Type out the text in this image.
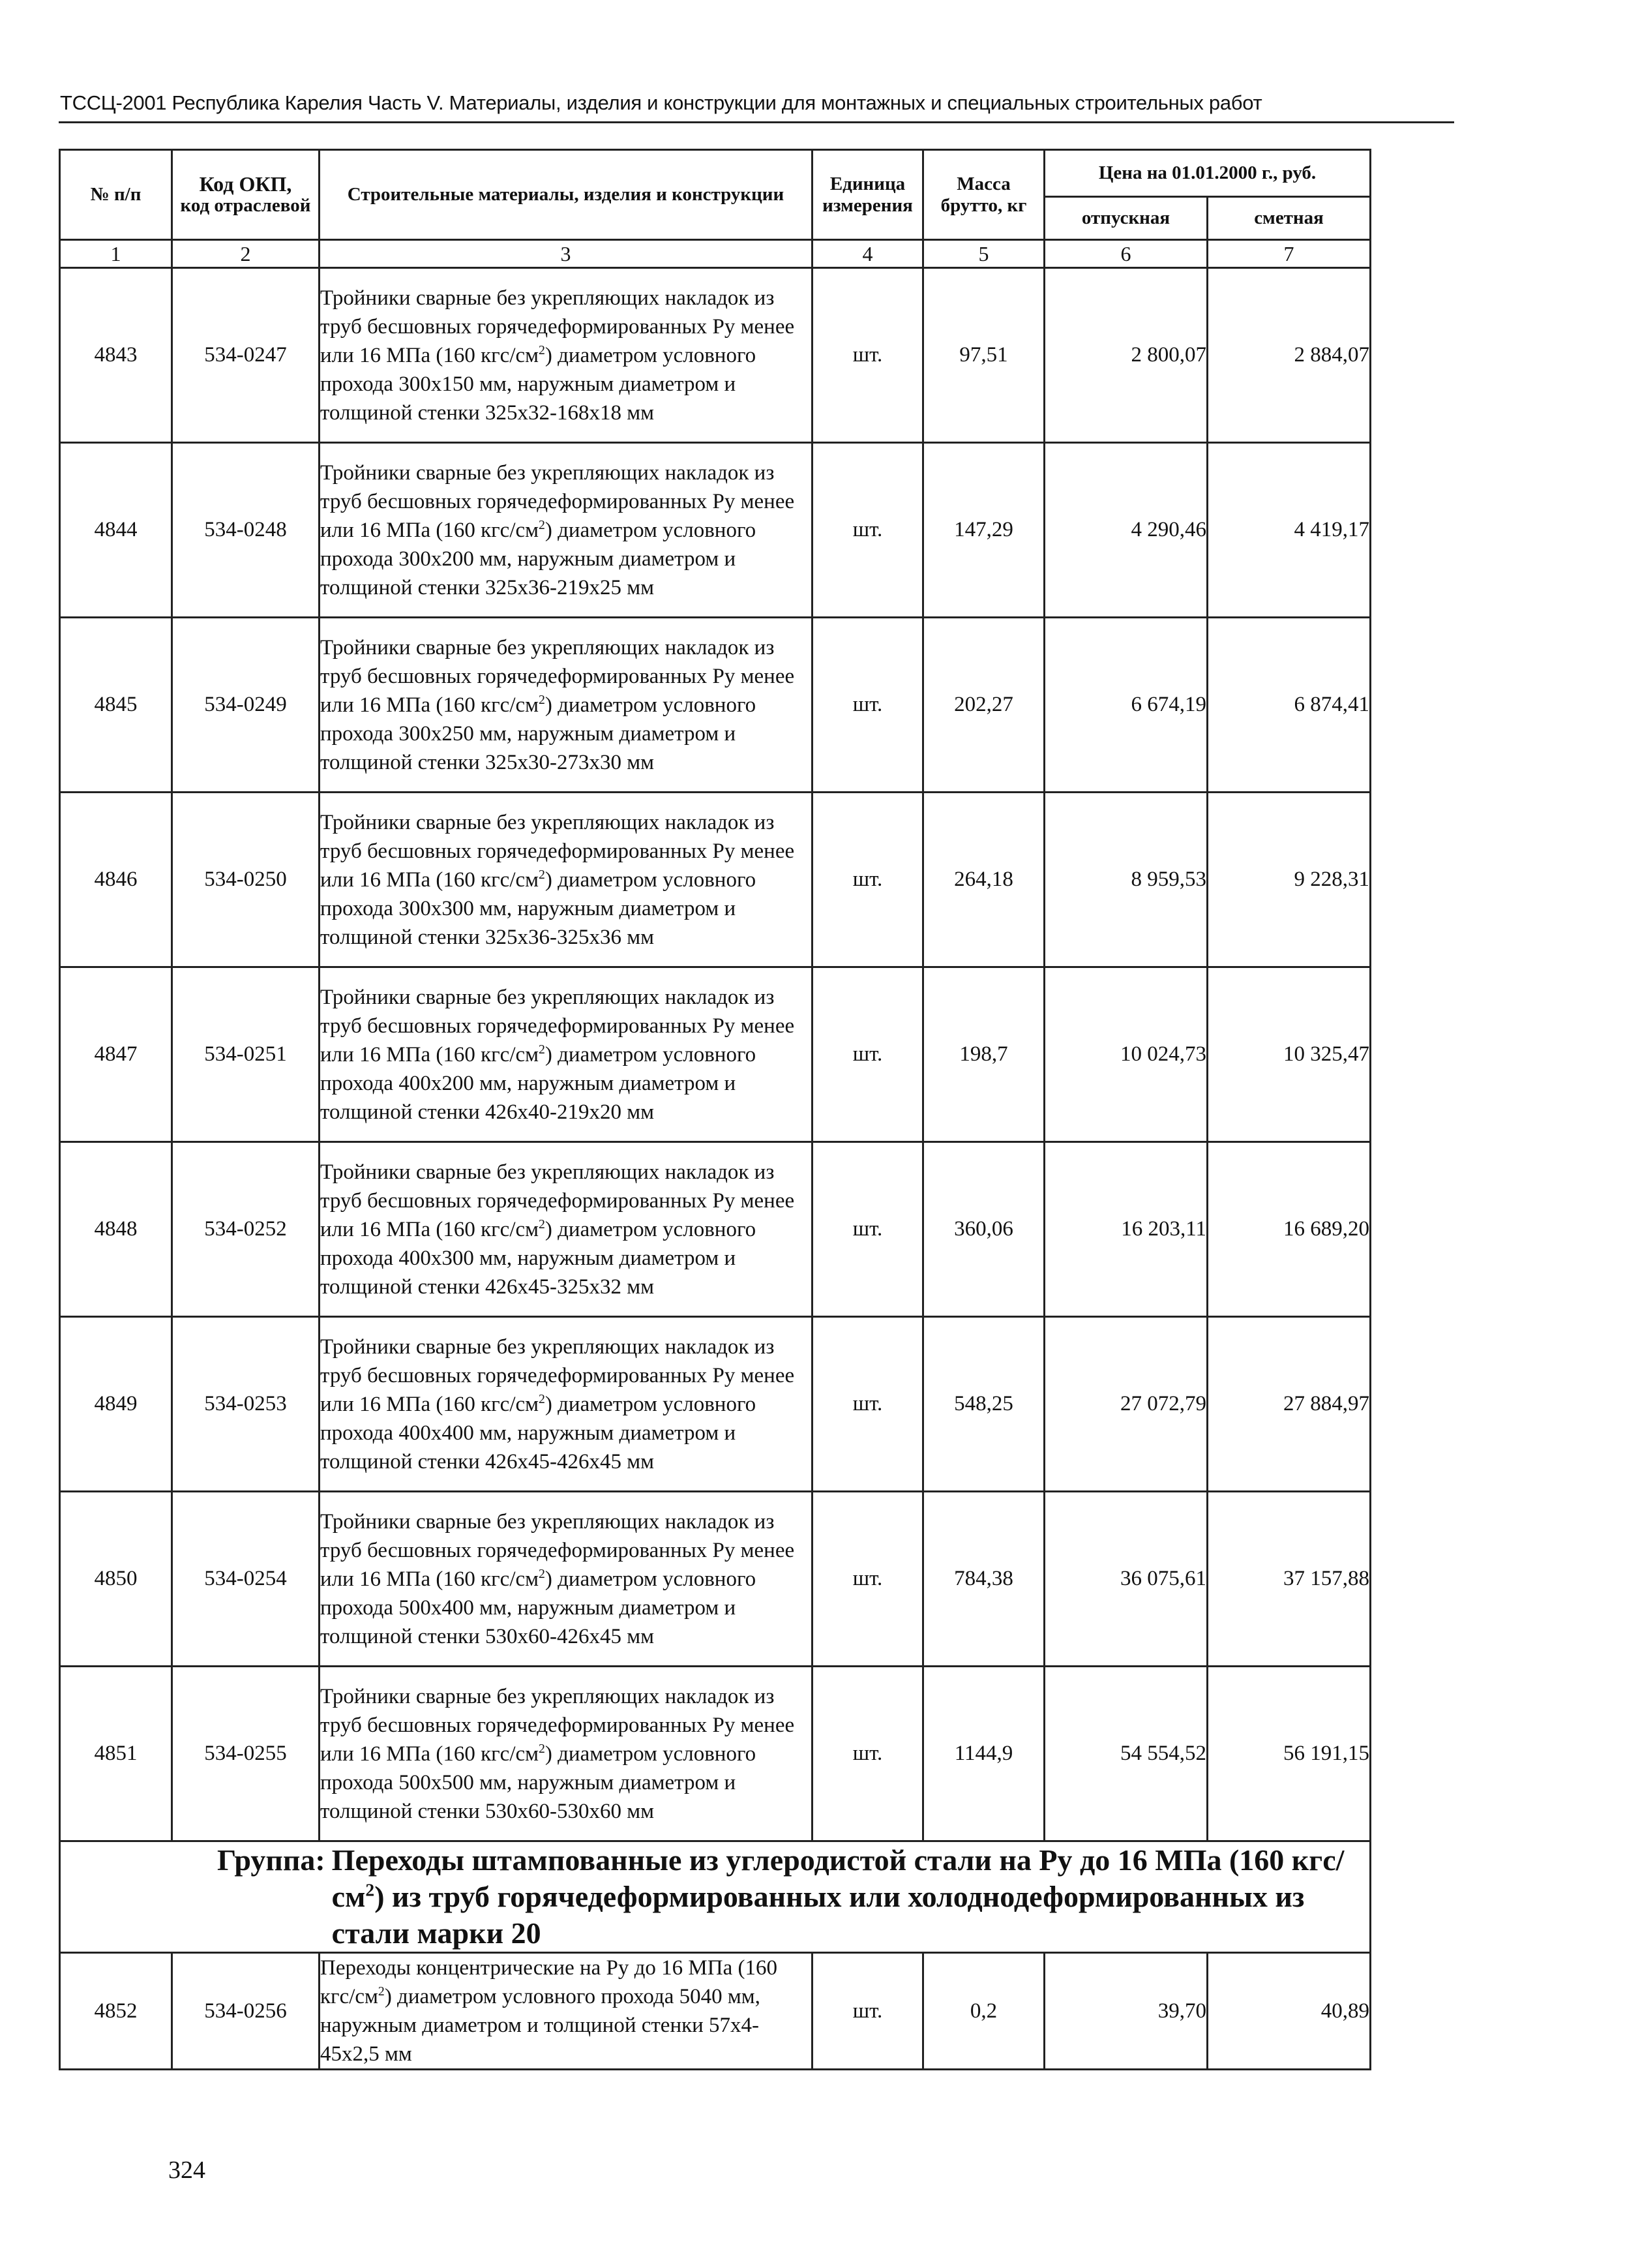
ТССЦ-2001 Республика Карелия Часть V. Материалы, изделия и конструкции для монтажных и специальных строительных работ
№ п/п	Код ОКП,
код отраслевой	Строительные материалы, изделия и конструкции	Единица измерения	Масса брутто, кг	Цена на 01.01.2000 г., руб.	
					отпускная	сметная
1	2	3	4	5	6	7
4843	534-0247	Тройники сварные без укрепляющих накладок из труб бесшовных горячедеформированных Ру менее или 16 МПа (160 кгс/$см^2$) диаметром условного прохода 300х150 мм, наружным диаметром и толщиной стенки 325х32-168х18 мм	шт.	97,51	2 800,07	2 884,07
4844	534-0248	Тройники сварные без укрепляющих накладок из труб бесшовных горячедеформированных Ру менее или 16 МПа (160 кгс/$см^2$) диаметром условного прохода 300х200 мм, наружным диаметром и толщиной стенки 325х36-219х25 мм	шт.	147,29	4 290,46	4 419,17
4845	534-0249	Тройники сварные без укрепляющих накладок из труб бесшовных горячедеформированных Ру менее или 16 МПа (160 кгс/$см^2$) диаметром условного прохода 300х250 мм, наружным диаметром и толщиной стенки 325х30-273х30 мм	шт.	202,27	6 674,19	6 874,41
4846	534-0250	Тройники сварные без укрепляющих накладок из труб бесшовных горячедеформированных Ру менее или 16 МПа (160 кгс/$см^2$) диаметром условного прохода 300х300 мм, наружным диаметром и толщиной стенки 325х36-325х36 мм	шт.	264,18	8 959,53	9 228,31
4847	534-0251	Тройники сварные без укрепляющих накладок из труб бесшовных горячедеформированных Ру менее или 16 МПа (160 кгс/$см^2$) диаметром условного прохода 400х200 мм, наружным диаметром и толщиной стенки 426х40-219х20 мм	шт.	198,7	10 024,73	10 325,47
4848	534-0252	Тройники сварные без укрепляющих накладок из труб бесшовных горячедеформированных Ру менее или 16 МПа (160 кгс/$см^2$) диаметром условного прохода 400х300 мм, наружным диаметром и толщиной стенки 426х45-325х32 мм	шт.	360,06	16 203,11	16 689,20
4849	534-0253	Тройники сварные без укрепляющих накладок из труб бесшовных горячедеформированных Ру менее или 16 МПа (160 кгс/$см^2$) диаметром условного прохода 400х400 мм, наружным диаметром и толщиной стенки 426х45-426х45 мм	шт.	548,25	27 072,79	27 884,97
4850	534-0254	Тройники сварные без укрепляющих накладок из труб бесшовных горячедеформированных Ру менее или 16 МПа (160 кгс/$см^2$) диаметром условного прохода 500х400 мм, наружным диаметром и толщиной стенки 530х60-426х45 мм	шт.	784,38	36 075,61	37 157,88
4851	534-0255	Тройники сварные без укрепляющих накладок из труб бесшовных горячедеформированных Ру менее или 16 МПа (160 кгс/$см^2$) диаметром условного прохода 500х500 мм, наружным диаметром и толщиной стенки 530х60-530х60 мм	шт.	1144,9	54 554,52	56 191,15

Группа: Переходы штампованные из углеродистой стали на Ру до 16 МПа (160 кгс/$см^2$) из труб горячедеформированных или холоднодеформированных из стали марки 20						

4852	534-0256	Переходы концентрические на Ру до 16 МПа (160 кгс/$см^2$) диаметром условного прохода 5040 мм, наружным диаметром и толщиной стенки 57х4-45х2,5 мм	шт.	0,2	39,70	40,89
324
